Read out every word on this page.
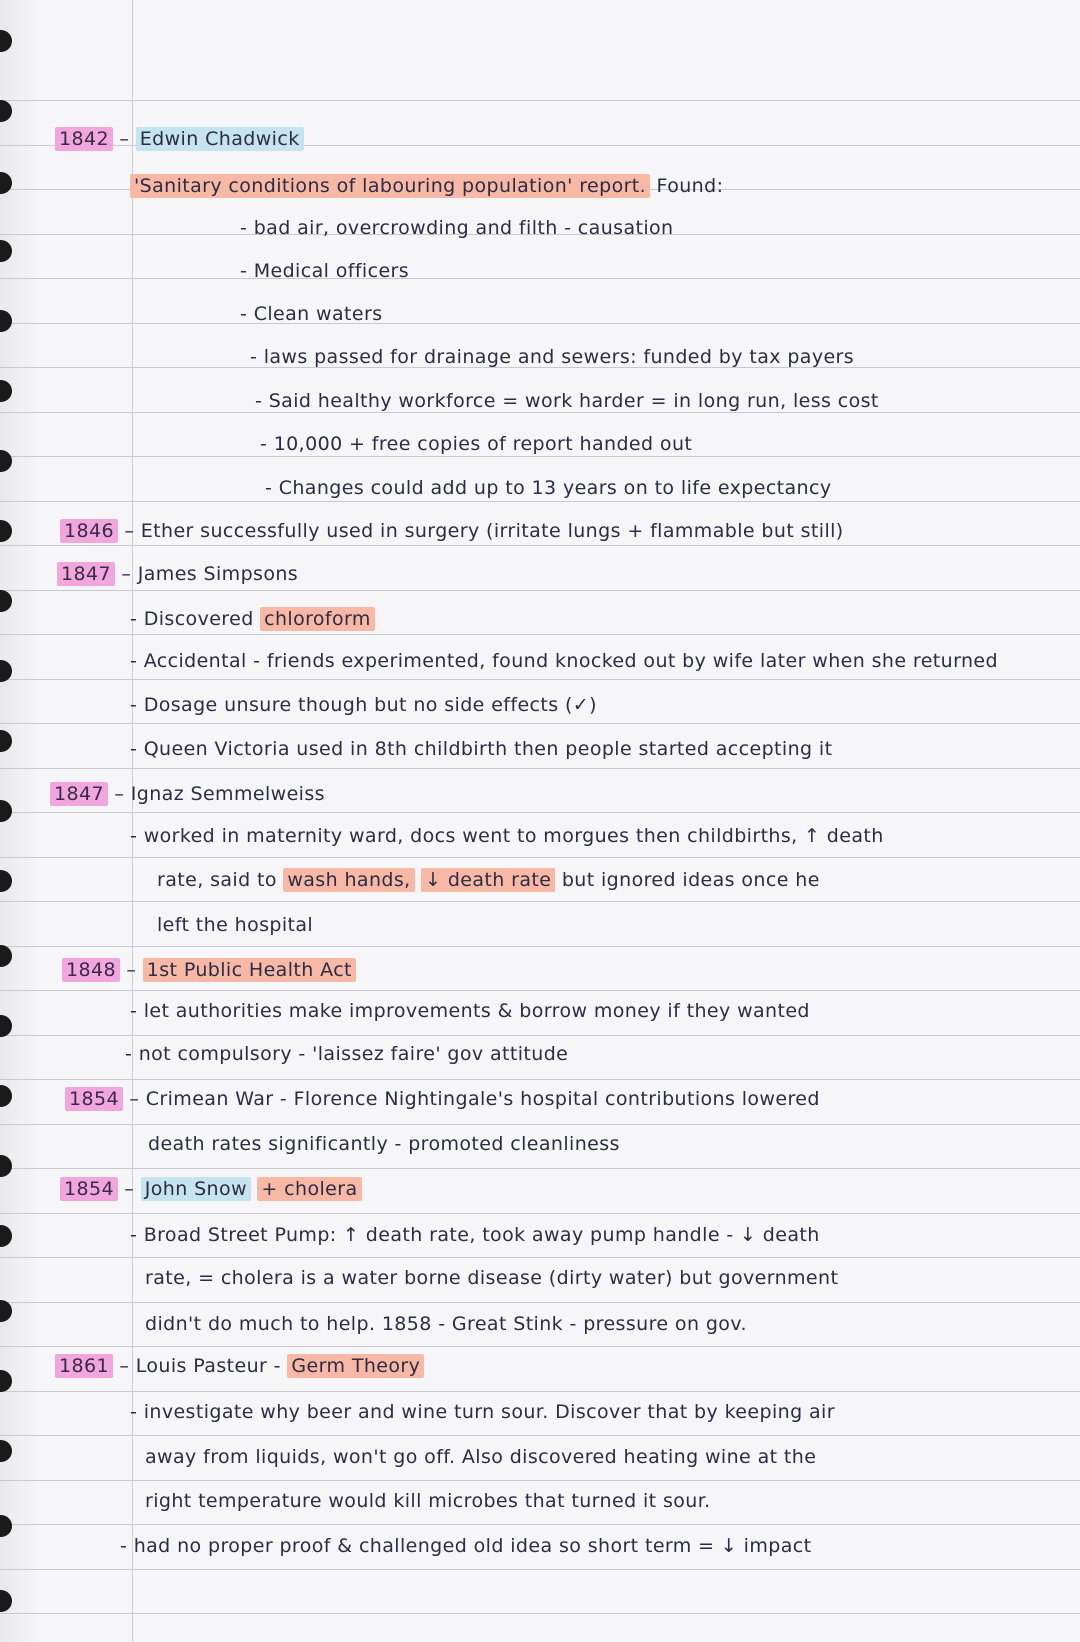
1842 – Edwin Chadwick
'Sanitary conditions of labouring population' report. Found:
- bad air, overcrowding and filth - causation
- Medical officers
- Clean waters
- laws passed for drainage and sewers: funded by tax payers
- Said healthy workforce = work harder = in long run, less cost
- 10,000 + free copies of report handed out
- Changes could add up to 13 years on to life expectancy
1846 – Ether successfully used in surgery (irritate lungs + flammable but still)
1847 – James Simpsons
- Discovered chloroform
- Accidental - friends experimented, found knocked out by wife later when she returned
- Dosage unsure though but no side effects (✓)
- Queen Victoria used in 8th childbirth then people started accepting it
1847 – Ignaz Semmelweiss
- worked in maternity ward, docs went to morgues then childbirths, ↑ death
rate, said to wash hands, ↓ death rate but ignored ideas once he
left the hospital
1848 – 1st Public Health Act
- let authorities make improvements & borrow money if they wanted
- not compulsory - 'laissez faire' gov attitude
1854 – Crimean War - Florence Nightingale's hospital contributions lowered
death rates significantly - promoted cleanliness
1854 – John Snow + cholera
- Broad Street Pump: ↑ death rate, took away pump handle - ↓ death
rate, = cholera is a water borne disease (dirty water) but government
didn't do much to help. 1858 - Great Stink - pressure on gov.
1861 – Louis Pasteur - Germ Theory
- investigate why beer and wine turn sour. Discover that by keeping air
away from liquids, won't go off. Also discovered heating wine at the
right temperature would kill microbes that turned it sour.
- had no proper proof & challenged old idea so short term = ↓ impact
